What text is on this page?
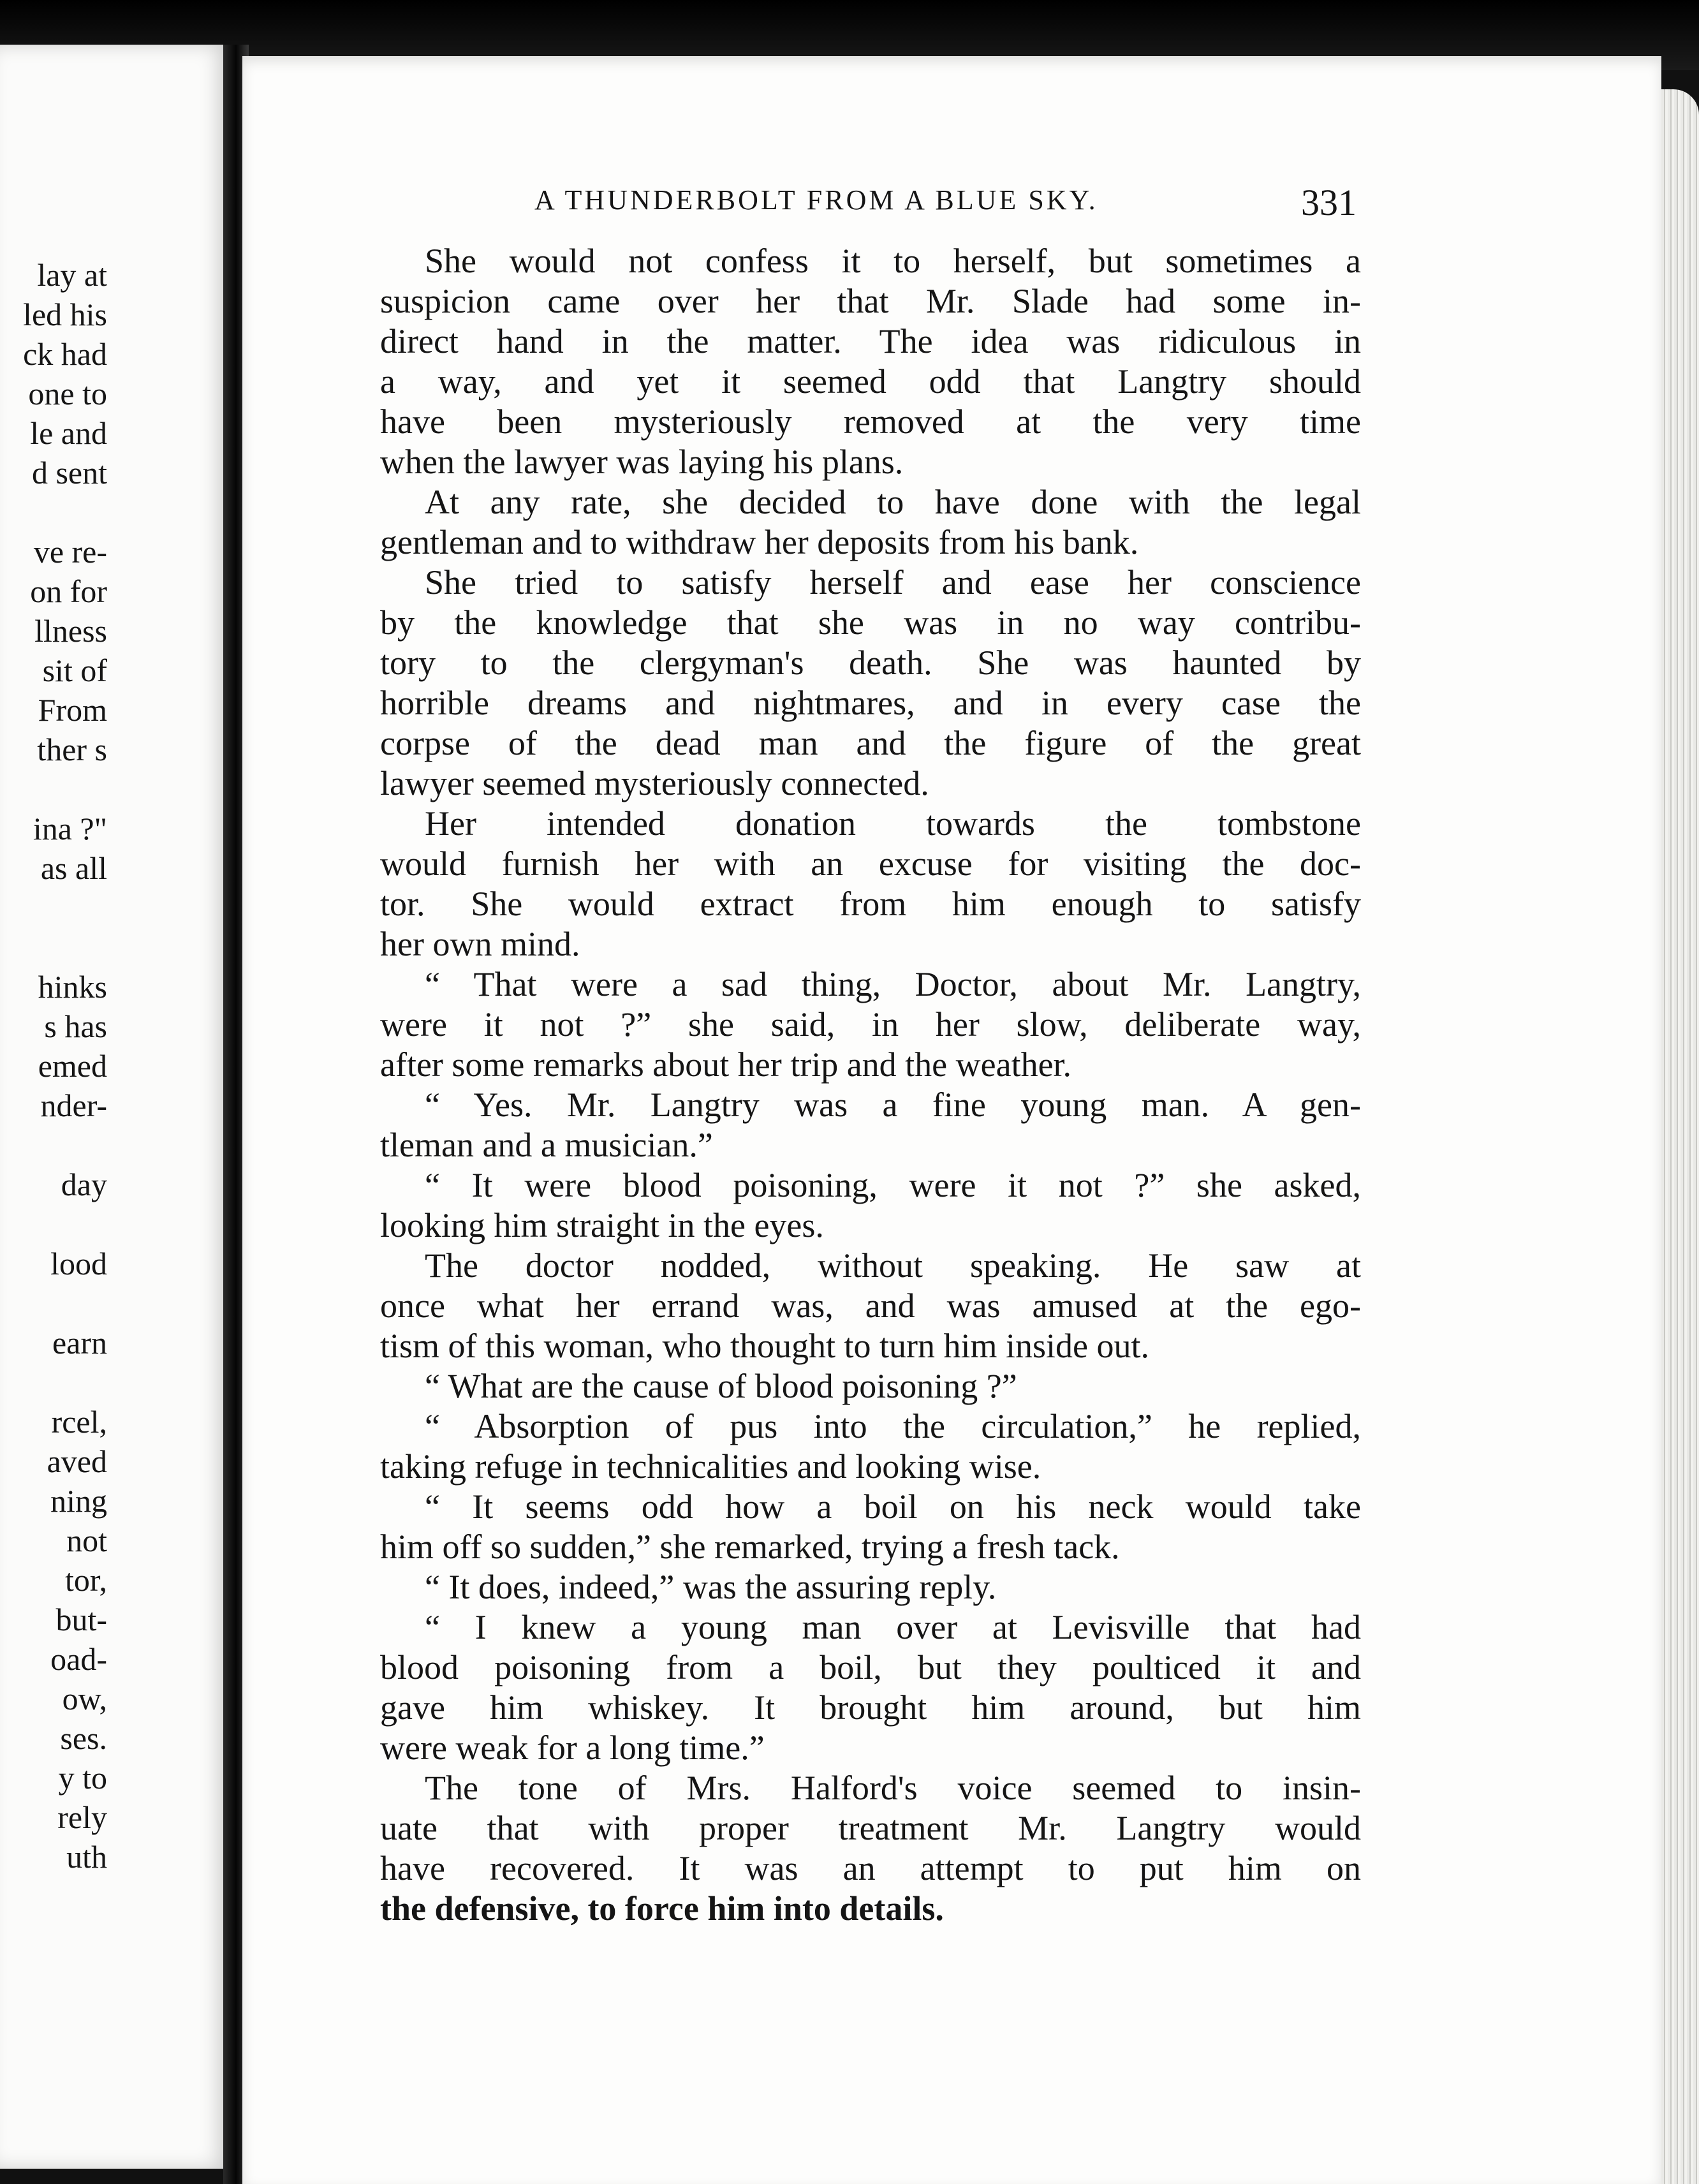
lay at
led his
ck had
one to
le and
d sent
ve re-
on for
llness
sit of
From
ther s
ina ?"
as all
hinks
s has
emed
nder-
day
lood
earn
rcel,
aved
ning
not
tor,
but-
oad-
ow,
ses.
y to
rely
uth
A THUNDERBOLT FROM A BLUE SKY.	331
She would not confess it to herself, but sometimes a
suspicion came over her that Mr. Slade had some in-
direct hand in the matter. The idea was ridiculous in
a way, and yet it seemed odd that Langtry should
have been mysteriously removed at the very time
when the lawyer was laying his plans.
At any rate, she decided to have done with the legal
gentleman and to withdraw her deposits from his bank.
She tried to satisfy herself and ease her conscience
by the knowledge that she was in no way contribu-
tory to the clergyman's death. She was haunted by
horrible dreams and nightmares, and in every case the
corpse of the dead man and the figure of the great
lawyer seemed mysteriously connected.
Her intended donation towards the tombstone
would furnish her with an excuse for visiting the doc-
tor. She would extract from him enough to satisfy
her own mind.
“ That were a sad thing, Doctor, about Mr. Langtry,
were it not ?” she said, in her slow, deliberate way,
after some remarks about her trip and the weather.
“ Yes. Mr. Langtry was a fine young man. A gen-
tleman and a musician.”
“ It were blood poisoning, were it not ?” she asked,
looking him straight in the eyes.
The doctor nodded, without speaking. He saw at
once what her errand was, and was amused at the ego-
tism of this woman, who thought to turn him inside out.
“ What are the cause of blood poisoning ?”
“ Absorption of pus into the circulation,” he replied,
taking refuge in technicalities and looking wise.
“ It seems odd how a boil on his neck would take
him off so sudden,” she remarked, trying a fresh tack.
“ It does, indeed,” was the assuring reply.
“ I knew a young man over at Levisville that had
blood poisoning from a boil, but they poulticed it and
gave him whiskey. It brought him around, but him
were weak for a long time.”
The tone of Mrs. Halford's voice seemed to insin-
uate that with proper treatment Mr. Langtry would
have recovered. It was an attempt to put him on
the defensive, to force him into details.
